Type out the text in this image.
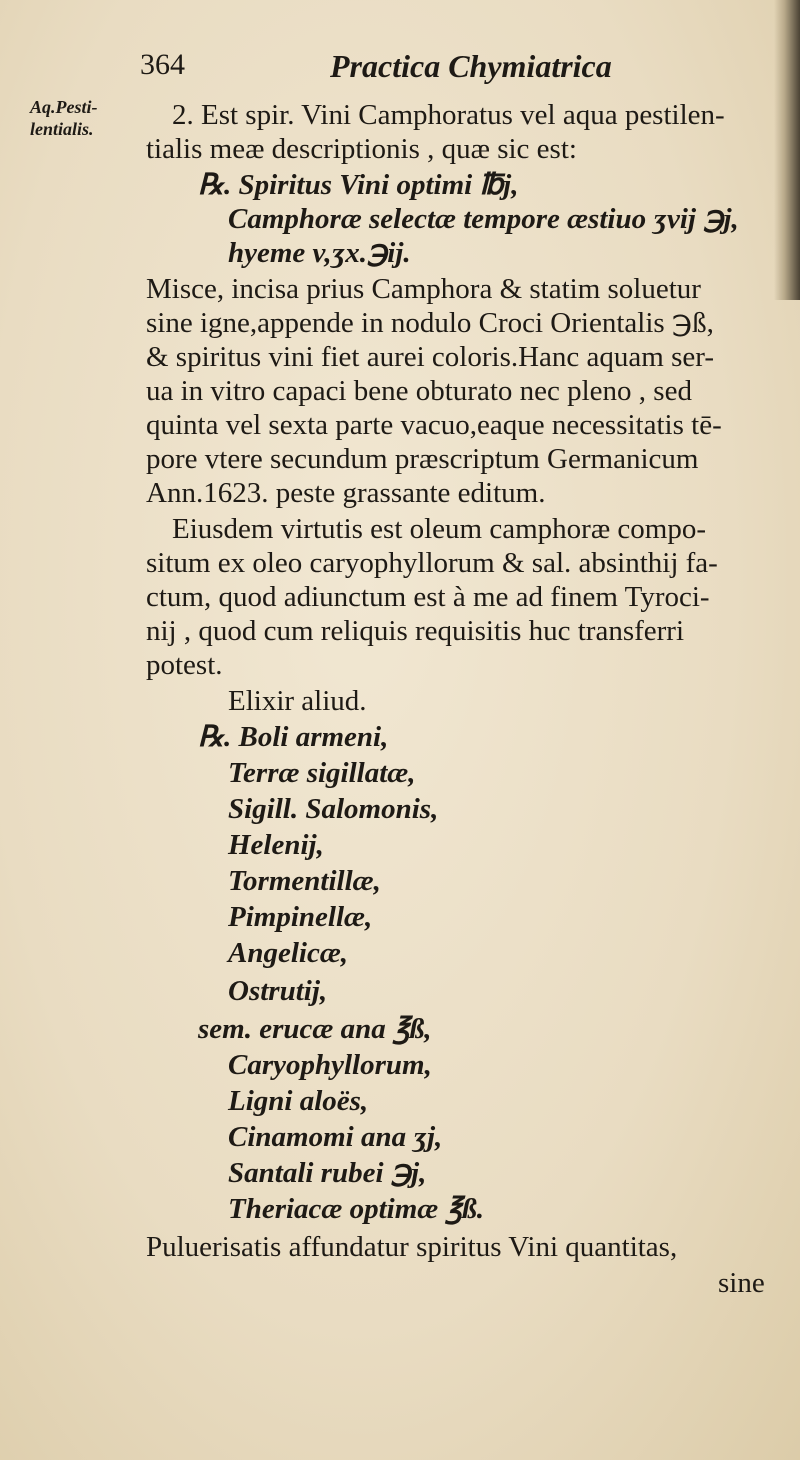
364	Practica Chymiatrica
Aq.Pesti-
lentialis.	2. Est spir. Vini Camphoratus vel aqua pestilen-
tialis meæ descriptionis , quæ sic est:
℞. Spiritus Vini optimi ℔j,
Camphoræ selectæ tempore æstiuo ʒvij ℈j,
hyeme v,ʒx.℈ij.
Misce, incisa prius Camphora & statim soluetur
sine igne,appende in nodulo Croci Orientalis ℈ß,
& spiritus vini fiet aurei coloris.Hanc aquam ser-
ua in vitro capaci bene obturato nec pleno , sed
quinta vel sexta parte vacuo,eaque necessitatis tē-
pore vtere secundum præscriptum Germanicum
Ann.1623. peste grassante editum.
Eiusdem virtutis est oleum camphoræ compo-
situm ex oleo caryophyllorum & sal. absinthij fa-
ctum, quod adiunctum est à me ad finem Tyroci-
nij , quod cum reliquis requisitis huc transferri
potest.
Elixir aliud.
℞. Boli armeni,
Terræ sigillatæ,
Sigill. Salomonis,
Helenij,
Tormentillæ,
Pimpinellæ,
Angelicæ,
Ostrutij,
sem. erucæ ana ℥ß,
Caryophyllorum,
Ligni aloës,
Cinamomi ana ʒj,
Santali rubei ℈j,
Theriacæ optimæ ℥ß.
Puluerisatis affundatur spiritus Vini quantitas,
sine
